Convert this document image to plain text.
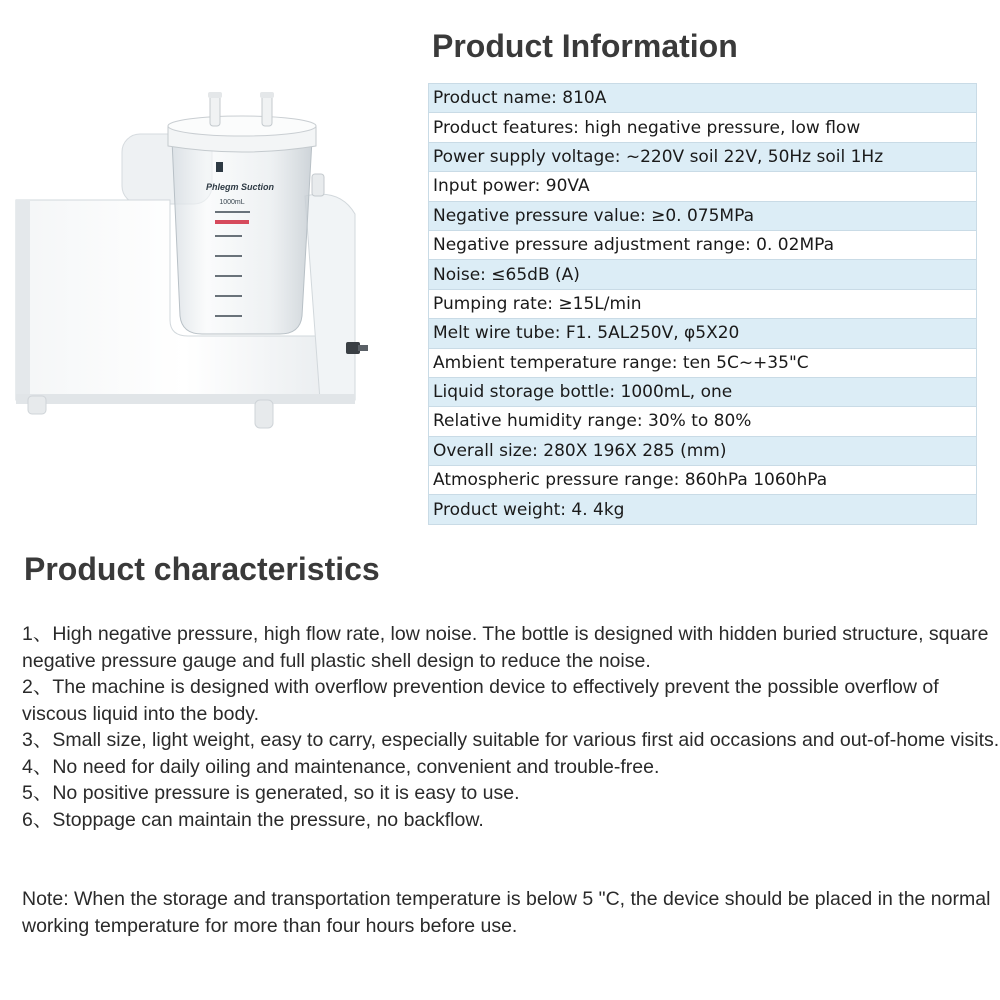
Phlegm Suction
1000mL
Product Information
Product name: 810A
Product features: high negative pressure, low flow
Power supply voltage: ~220V soil 22V, 50Hz soil 1Hz
Input power: 90VA
Negative pressure value: ≥0. 075MPa
Negative pressure adjustment range: 0. 02MPa
Noise: ≤65dB (A)
Pumping rate: ≥15L/min
Melt wire tube: F1. 5AL250V, φ5X20
Ambient temperature range: ten 5C~+35"C
Liquid storage bottle: 1000mL, one
Relative humidity range: 30% to 80%
Overall size: 280X 196X 285 (mm)
Atmospheric pressure range: 860hPa 1060hPa
Product weight: 4. 4kg
Product characteristics

1、High negative pressure, high flow rate, low noise. The bottle is designed with hidden buried structure, square negative pressure gauge and full plastic shell design to reduce the noise.

2、The machine is designed with overflow prevention device to effectively prevent the possible overflow of viscous liquid into the body.

3、Small size, light weight, easy to carry, especially suitable for various first aid occasions and out-of-home visits.

4、No need for daily oiling and maintenance, convenient and trouble-free.

5、No positive pressure is generated, so it is easy to use.

6、Stoppage can maintain the pressure, no backflow.

Note: When the storage and transportation temperature is below 5 "C, the device should be placed in the normal working temperature for more than four hours before use.
